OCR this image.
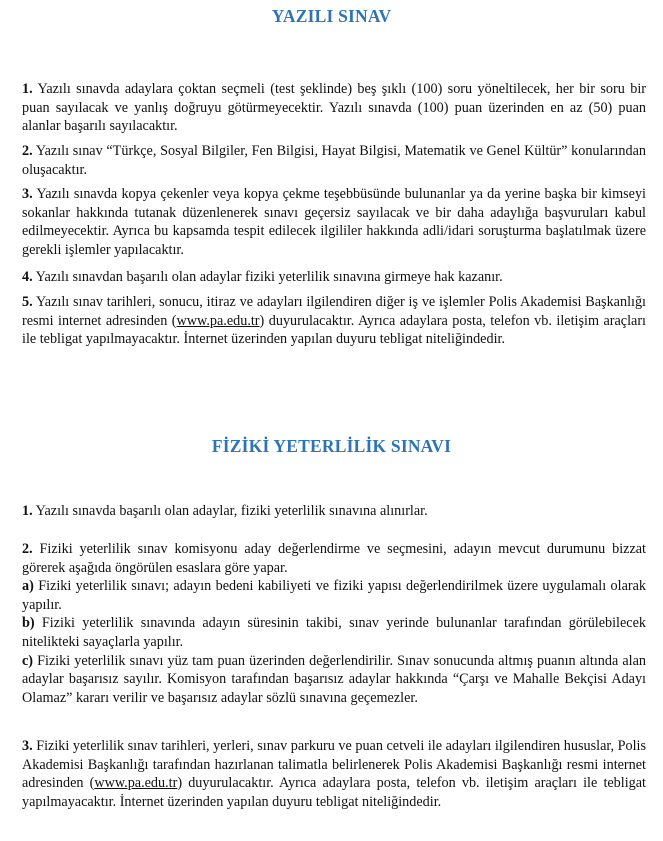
YAZILI SINAV

1. Yazılı sınavda adaylara çoktan seçmeli (test şeklinde) beş şıklı (100) soru yöneltilecek, her bir soru bir puan sayılacak ve yanlış doğruyu götürmeyecektir. Yazılı sınavda (100) puan üzerinden en az (50) puan alanlar başarılı sayılacaktır.

2. Yazılı sınav “Türkçe, Sosyal Bilgiler, Fen Bilgisi, Hayat Bilgisi, Matematik ve Genel Kültür” konularından oluşacaktır.

3. Yazılı sınavda kopya çekenler veya kopya çekme teşebbüsünde bulunanlar ya da yerine başka bir kimseyi sokanlar hakkında tutanak düzenlenerek sınavı geçersiz sayılacak ve bir daha adaylığa başvuruları kabul edilmeyecektir. Ayrıca bu kapsamda tespit edilecek ilgililer hakkında adli/idari soruşturma başlatılmak üzere gerekli işlemler yapılacaktır.

4. Yazılı sınavdan başarılı olan adaylar fiziki yeterlilik sınavına girmeye hak kazanır.

5. Yazılı sınav tarihleri, sonucu, itiraz ve adayları ilgilendiren diğer iş ve işlemler Polis Akademisi Başkanlığı resmi internet adresinden (www.pa.edu.tr) duyurulacaktır. Ayrıca adaylara posta, telefon vb. iletişim araçları ile tebligat yapılmayacaktır. İnternet üzerinden yapılan duyuru tebligat niteliğindedir.

FİZİKİ YETERLİLİK SINAVI

1. Yazılı sınavda başarılı olan adaylar, fiziki yeterlilik sınavına alınırlar.

2. Fiziki yeterlilik sınav komisyonu aday değerlendirme ve seçmesini, adayın mevcut durumunu bizzat görerek aşağıda öngörülen esaslara göre yapar.
a) Fiziki yeterlilik sınavı; adayın bedeni kabiliyeti ve fiziki yapısı değerlendirilmek üzere uygulamalı olarak yapılır.
b) Fiziki yeterlilik sınavında adayın süresinin takibi, sınav yerinde bulunanlar tarafından görülebilecek nitelikteki sayaçlarla yapılır.
c) Fiziki yeterlilik sınavı yüz tam puan üzerinden değerlendirilir. Sınav sonucunda altmış puanın altında alan adaylar başarısız sayılır. Komisyon tarafından başarısız adaylar hakkında “Çarşı ve Mahalle Bekçisi Adayı Olamaz” kararı verilir ve başarısız adaylar sözlü sınavına geçemezler.

3. Fiziki yeterlilik sınav tarihleri, yerleri, sınav parkuru ve puan cetveli ile adayları ilgilendiren hususlar, Polis Akademisi Başkanlığı tarafından hazırlanan talimatla belirlenerek Polis Akademisi Başkanlığı resmi internet adresinden (www.pa.edu.tr) duyurulacaktır. Ayrıca adaylara posta, telefon vb. iletişim araçları ile tebligat yapılmayacaktır. İnternet üzerinden yapılan duyuru tebligat niteliğindedir.
